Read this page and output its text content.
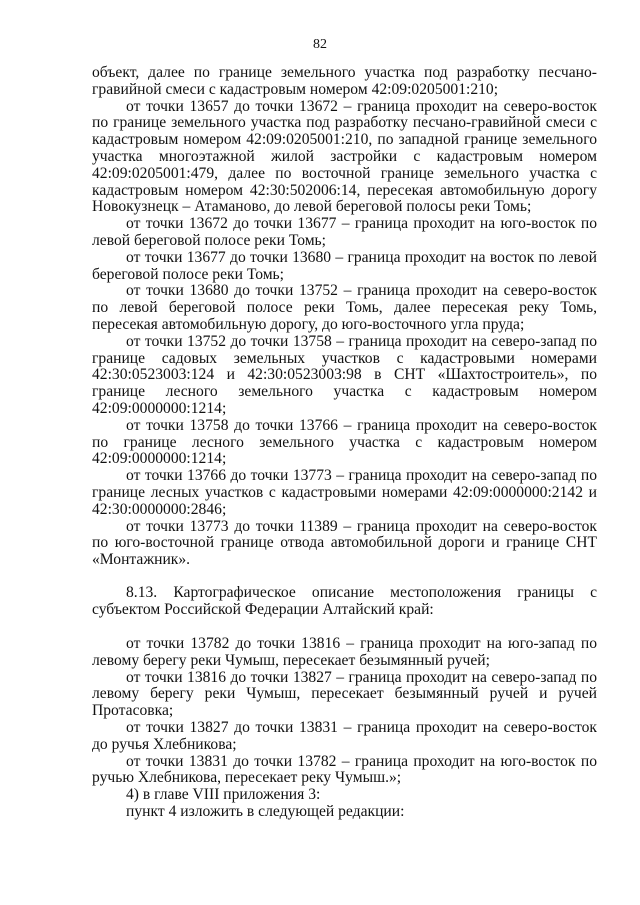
82

объект, далее по границе земельного участка под разработку песчано-гравийной смеси с кадастровым номером 42:09:0205001:210;

от точки 13657 до точки 13672 – граница проходит на северо-восток по границе земельного участка под разработку песчано-гравийной смеси с кадастровым номером 42:09:0205001:210, по западной границе земельного участка многоэтажной жилой застройки с кадастровым номером 42:09:0205001:479, далее по восточной границе земельного участка с кадастровым номером 42:30:502006:14, пересекая автомобильную дорогу Новокузнецк – Атаманово, до левой береговой полосы реки Томь;

от точки 13672 до точки 13677 – граница проходит на юго-восток по левой береговой полосе реки Томь;

от точки 13677 до точки 13680 – граница проходит на восток по левой береговой полосе реки Томь;

от точки 13680 до точки 13752 – граница проходит на северо-восток по левой береговой полосе реки Томь, далее пересекая реку Томь, пересекая автомобильную дорогу, до юго-восточного угла пруда;

от точки 13752 до точки 13758 – граница проходит на северо-запад по границе садовых земельных участков с кадастровыми номерами 42:30:0523003:124 и 42:30:0523003:98 в СНТ «Шахтостроитель», по границе лесного земельного участка с кадастровым номером 42:09:0000000:1214;

от точки 13758 до точки 13766 – граница проходит на северо-восток по границе лесного земельного участка с кадастровым номером 42:09:0000000:1214;

от точки 13766 до точки 13773 – граница проходит на северо-запад по границе лесных участков с кадастровыми номерами 42:09:0000000:2142 и 42:30:0000000:2846;

от точки 13773 до точки 11389 – граница проходит на северо-восток по юго-восточной границе отвода автомобильной дороги и границе СНТ «Монтажник».

8.13. Картографическое описание местоположения границы с субъектом Российской Федерации Алтайский край:

от точки 13782 до точки 13816 – граница проходит на юго-запад по левому берегу реки Чумыш, пересекает безымянный ручей;

от точки 13816 до точки 13827 – граница проходит на северо-запад по левому берегу реки Чумыш, пересекает безымянный ручей и ручей Протасовка;

от точки 13827 до точки 13831 – граница проходит на северо-восток до ручья Хлебникова;

от точки 13831 до точки 13782 – граница проходит на юго-восток по ручью Хлебникова, пересекает реку Чумыш.»;

4) в главе VIII приложения 3:

пункт 4 изложить в следующей редакции:
